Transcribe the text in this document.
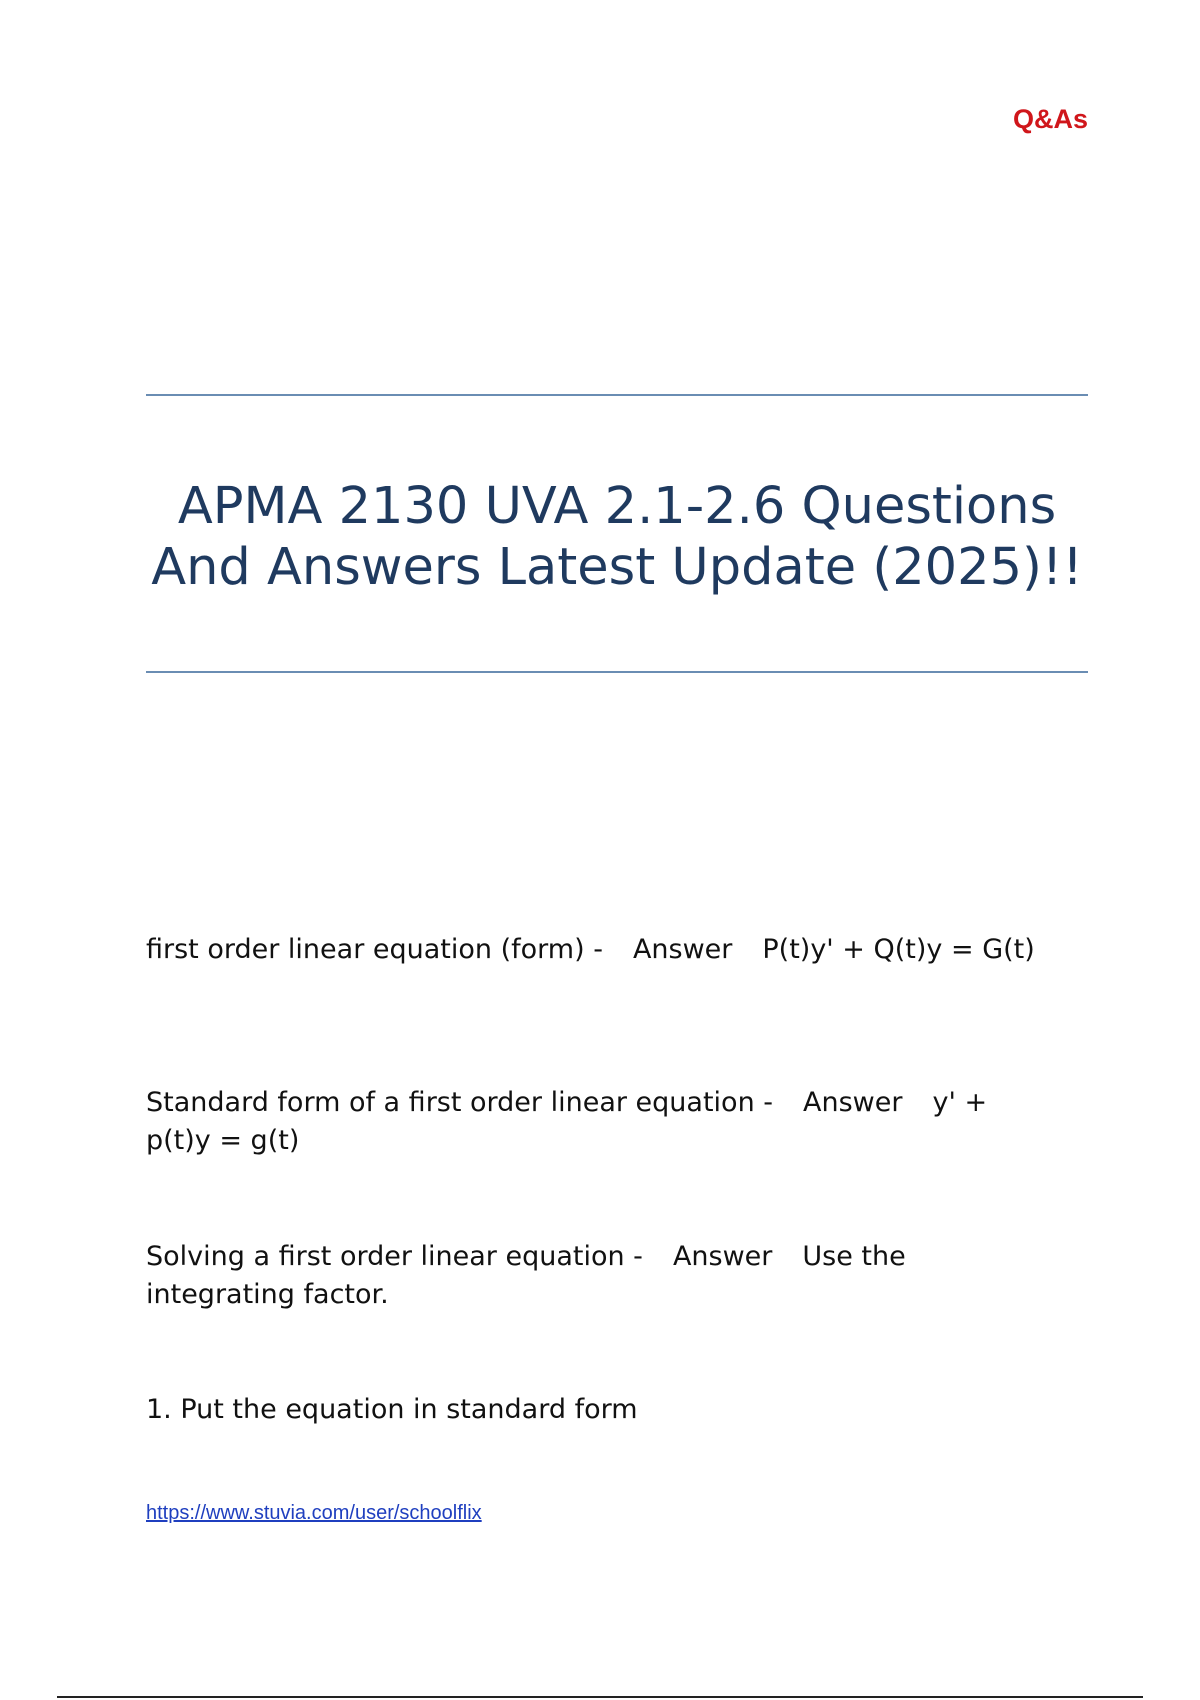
Q&As
APMA 2130 UVA 2.1-2.6 Questions And Answers Latest Update (2025)!!

first order linear equation (form) - Answer P(t)y' + Q(t)y = G(t)

Standard form of a first order linear equation - Answer y' + p(t)y = g(t)

Solving a first order linear equation - Answer Use the integrating factor.

1. Put the equation in standard form

https://www.stuvia.com/user/schoolflix
